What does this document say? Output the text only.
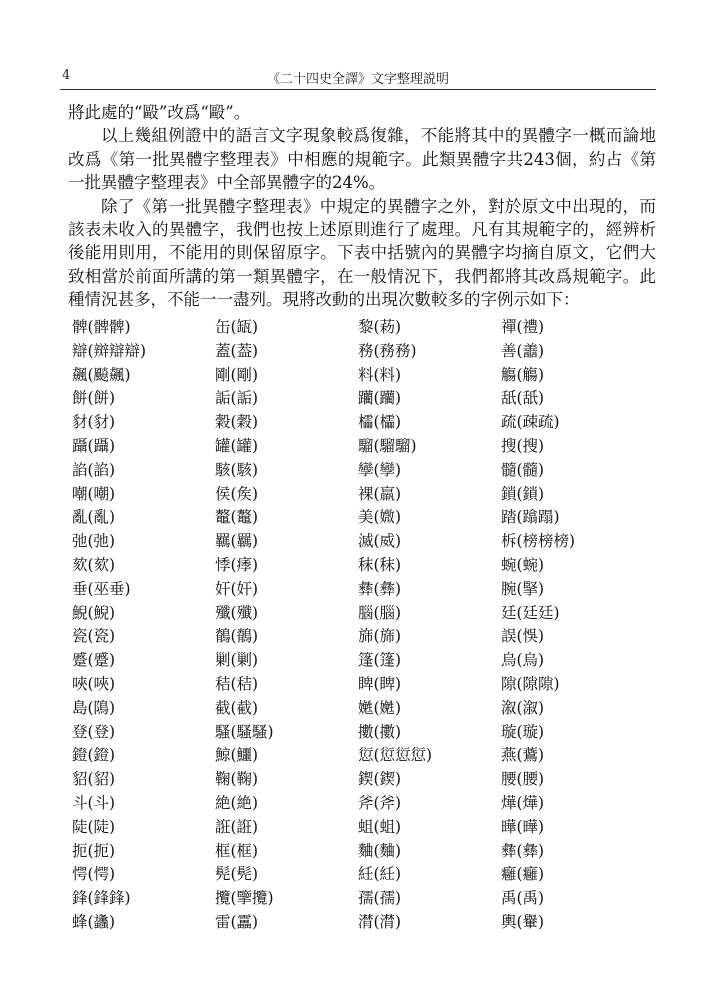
4	《二十四史全譯》文字整理説明

將此處的“毆”改爲“毆”。

以上幾組例證中的語言文字現象較爲復雜，不能將其中的異體字一概而論地改爲《第一批異體字整理表》中相應的規範字。此類異體字共243個，約占《第一批異體字整理表》中全部異體字的24%。

除了《第一批異體字整理表》中規定的異體字之外，對於原文中出現的，而該表未收入的異體字，我們也按上述原則進行了處理。凡有其規範字的，經辨析後能用則用，不能用的則保留原字。下表中括號內的異體字均摘自原文，它們大致相當於前面所講的第一類異體字，在一般情況下，我們都將其改爲規範字。此種情況甚多，不能一一盡列。現將改動的出現次數較多的字例示如下：

髀(髀髀)	缶(缻)	黎(菞)	禪(禮)
辯(辬辯辯)	蓋(葢)	務(務務)	善(譱)
飆(飈飆)	剛(剛)	料(料)	觴(觴)
餅(餅)	詬(詬)	躪(躪)	舐(舐)
豺(豺)	穀(穀)	櫺(櫺)	疏(疎疏)
躡(躡)	罐(罐)	騮(騮騮)	搜(搜)
諂(諂)	駭(駭)	孿(孿)	髓(髓)
嘲(嘲)	侯(矦)	裸(羸)	鎖(鎖)
亂(亂)	鼇(鼇)	美(媺)	踏(蹹蹋)
弛(弛)	羈(羈)	滅(威)	柝(榜榜榜)
欬(欬)	悸(痵)	秣(秣)	蜿(蜿)
垂(巫垂)	奸(奸)	彝(彝)	腕(掔)
鯢(鯢)	殲(殲)	腦(腦)	廷(廷廷)
瓷(瓷)	鶺(鶺)	旆(旆)	誤(悞)
蹙(蹙)	剿(剿)	篷(篷)	烏(烏)
唊(唊)	秸(秸)	睥(睥)	隙(隙隙)
島(隝)	截(截)	嬎(嬎)	溆(溆)
登(登)	騷(騷騷)	擻(擻)	璇(璇)
鐙(鐙)	鯨(鱷)	愆(愆愆愆)	燕(鷰)
貂(貂)	鞠(鞠)	鍥(鍥)	腰(腰)
斗(斗)	絶(絶)	斧(斧)	燁(燁)
陡(陡)	誑(誑)	蛆(蛆)	曄(曄)
扼(扼)	框(框)	麯(麯)	彝(彝)
愕(愕)	髡(髡)	紝(紝)	癰(癰)
鋒(鋒鋒)	攬(擥攬)	孺(孺)	禹(禹)
蜂(蠭)	雷(靁)	潸(潸)	輿(轝)
